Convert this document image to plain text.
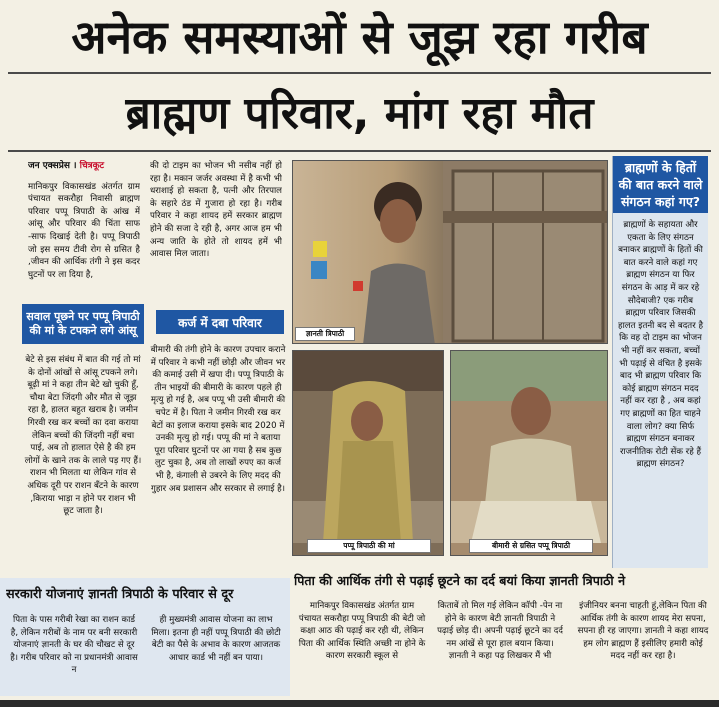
अनेक समस्याओं से जूझ रहा गरीब
ब्राह्मण परिवार, मांग रहा मौत
जन एक्सप्रेस । चित्रकूट

मानिकपुर विकासखंड अंतर्गत ग्राम पंचायत सकरौहा निवासी ब्राह्मण परिवार पप्पू त्रिपाठी के आंख में आंसू और परिवार की चिंता साफ -साफ दिखाई देती है। पप्पू त्रिपाठी जो इस समय टीवी रोग से ग्रसित है ,जीवन की आर्थिक तंगी ने इस कदर घुटनों पर ला दिया है,

की दो टाइम का भोजन भी नसीब नहीं हो रहा है। मकान जर्जर अवस्था में है कभी भी धराशाई हो सकता है, पत्नी और तिरपाल के सहारे ठंड में गुजारा हो रहा है। गरीब परिवार ने कहा शायद हमें सरकार ब्राह्मण होने की सजा दे रही है, अगर आज हम भी अन्य जाति के होते तो शायद हमें भी आवास मिल जाता।

सवाल पूछने पर पप्पू त्रिपाठी की मां के टपकने लगे आंसू
कर्ज में दबा परिवार

बेटे से इस संबंध में बात की गई तो मां के दोनों आंखों से आंसू टपकने लगे। बूढ़ी मां ने कहा तीन बेटे खो चुकी हूँ, चौथा बेटा जिंदगी और मौत से जूझ रहा है, हालत बहुत खराब है। जमीन गिरवी रख कर बच्चों का दवा कराया लेकिन बच्चों की जिंदगी नहीं बचा पाई, अब तो हालात ऐसे है की हम लोगों के खाने तक के लाले पड़ गए हैं। राशन भी मिलता था लेकिन गांव से अधिक दूरी पर राशन बँटने के कारण ,किराया भाड़ा न होने पर राशन भी छूट जाता है।

बीमारी की तंगी होने के कारण उपचार कराने में परिवार ने कभी नहीं छोड़ी और जीवन भर की कमाई उसी में खपा दी। पप्पू त्रिपाठी के तीन भाइयों की बीमारी के कारण पहले ही मृत्यु हो गई है, अब पप्पू भी उसी बीमारी की चपेट में है। पिता ने जमीन गिरवी रख कर बेटों का इलाज कराया इसके बाद 2020 में उनकी मृत्यु हो गई। पप्पू की मां ने बताया पूरा परिवार घुटनों पर आ गया है सब कुछ लुट चुका है, अब तो लाखों रुपए का कर्ज भी है, कंगाली से उबरने के लिए मदद की गुहार अब प्रशासन और सरकार से लगाई है।

ज्ञानती त्रिपाठी
पप्पू त्रिपाठी की मां	बीमारी से ग्रसित पप्पू त्रिपाठी
ब्राह्मणों के हितों की बात करने वाले संगठन कहां गए?
ब्राह्मणों के सहायता और एकता के लिए संगठन बनाकर ब्राह्मणों के हितों की बात करने वाले कहां गए ब्राह्मण संगठन या फिर संगठन के आड़ में कर रहे सौदेबाजी? एक गरीब ब्राह्मण परिवार जिसकी हालत इतनी बद से बदतर है कि वह दो टाइम का भोजन भी नहीं कर सकता, बच्चों भी पढ़ाई से वंचित है इसके बाद भी ब्राह्मण परिवार कि कोई ब्राह्मण संगठन मदद नहीं कर रहा है , अब कहां गए ब्राह्मणों का हित चाहने वाला लोग? क्या सिर्फ ब्राह्मण संगठन बनाकर राजनीतिक रोटी सेंक रहे हैं ब्राह्मण संगठन?
सरकारी योजनाएं ज्ञानती त्रिपाठी के परिवार से दूर
पिता के पास गरीबी रेखा का राशन कार्ड है, लेकिन गरीबों के नाम पर बनी सरकारी योजनाएं ज्ञानती के घर की चौखट से दूर है। गरीब परिवार को ना प्रधानमंत्री आवास न
ही मुख्यमंत्री आवास योजना का लाभ मिला। इतना ही नहीं पप्पू त्रिपाठी की छोटी बेटी का पैसे के अभाव के कारण आजतक आधार कार्ड भी नहीं बन पाया।
पिता की आर्थिक तंगी से पढ़ाई छूटने का दर्द बयां किया ज्ञानती त्रिपाठी ने
मानिकपुर विकासखंड अंतर्गत ग्राम पंचायत सकरौहा पप्पू त्रिपाठी की बेटी जो कक्षा आठ की पढ़ाई कर रही थी, लेकिन पिता की आर्थिक स्थिति अच्छी ना होने के कारण सरकारी स्कूल से
किताबें तो मिल गई लेकिन कॉपी -पेन ना होने के कारण बेटी ज्ञानती त्रिपाठी ने पढ़ाई छोड़ दी। अपनी पढ़ाई छूटने का दर्द नम आंखें से पूरा हाल बयान किया। ज्ञानती ने कहा पढ़ लिखकर मैं भी
इंजीनियर बनना चाहती हूं,लेकिन पिता की आर्थिक तंगी के कारण शायद मेरा सपना, सपना ही रह जाएगा। ज्ञानती ने कहा शायद हम लोग ब्राह्मण हैं इसीलिए हमारी कोई मदद नहीं कर रहा है।
